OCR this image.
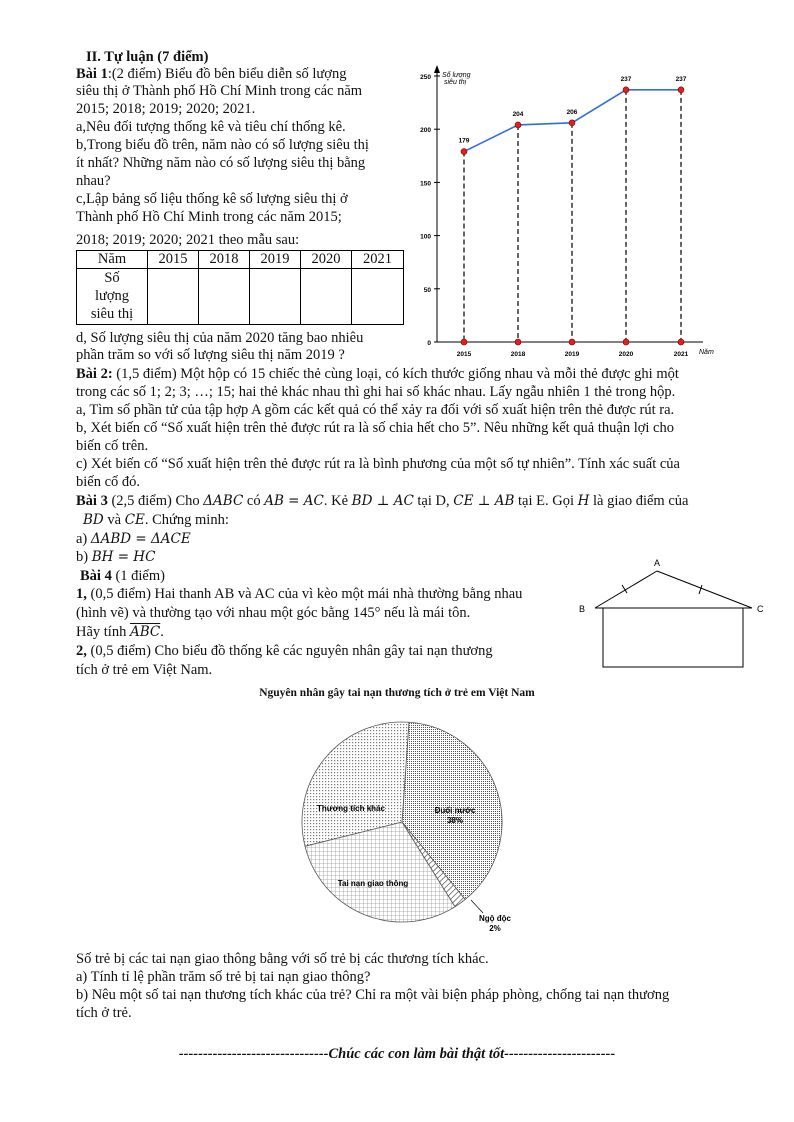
II. Tự luận (7 điểm)
Bài 1:(2 điểm) Biểu đồ bên biểu diễn số lượng
siêu thị ở Thành phố Hồ Chí Minh trong các năm
2015; 2018; 2019; 2020; 2021.
a,Nêu đối tượng thống kê và tiêu chí thống kê.
b,Trong biểu đồ trên, năm nào có số lượng siêu thị
ít nhất? Những năm nào có số lượng siêu thị bằng
nhau?
c,Lập bảng số liệu thống kê số lượng siêu thị ở
Thành phố Hồ Chí Minh trong các năm 2015;
2018; 2019; 2020; 2021 theo mẫu sau:
Năm	2015	2018	2019	2020	2021

Số
lượng
siêu thị					

d, Số lượng siêu thị của năm 2020 tăng bao nhiêu
phần trăm so với số lượng siêu thị năm 2019 ?
0
50
100
150
200
250 Số lượng
siêu thị
Năm
179
2015
204
2018
206
2019
237
2020
237
2021
Bài 2: (1,5 điểm) Một hộp có 15 chiếc thẻ cùng loại, có kích thước giống nhau và mỗi thẻ được ghi một
trong các số 1; 2; 3; …; 15; hai thẻ khác nhau thì ghi hai số khác nhau. Lấy ngẫu nhiên 1 thẻ trong hộp.
a, Tìm số phần tử của tập hợp A gồm các kết quả có thể xảy ra đối với số xuất hiện trên thẻ được rút ra.
b, Xét biến cố “Số xuất hiện trên thẻ được rút ra là số chia hết cho 5”. Nêu những kết quả thuận lợi cho
biến cố trên.
c) Xét biến cố “Số xuất hiện trên thẻ được rút ra là bình phương của một số tự nhiên”. Tính xác suất của
biến cố đó.
Bài 3 (2,5 điểm) Cho ΔABC có AB = AC. Kẻ BD ⊥ AC tại D, CE ⊥ AB tại E. Gọi H là giao điểm của
BD và CE. Chứng minh:
a) ΔABD = ΔACE
b) BH = HC
Bài 4 (1 điểm)
1, (0,5 điểm) Hai thanh AB và AC của vì kèo một mái nhà thường bằng nhau
(hình vẽ) và thường tạo với nhau một góc bằng 145° nếu là mái tôn.
Hãy tính $\overline{ABC}$.
2, (0,5 điểm) Cho biểu đồ thống kê các nguyên nhân gây tai nạn thương
tích ở trẻ em Việt Nam.
A
B	C
Nguyên nhân gây tai nạn thương tích ở trẻ em Việt Nam
Đuối nước
38%
Ngộ độc
2%
Tai nạn giao thông
Thương tích khác
Số trẻ bị các tai nạn giao thông bằng với số trẻ bị các thương tích khác.
a) Tính tỉ lệ phần trăm số trẻ bị tai nạn giao thông?
b) Nêu một số tai nạn thương tích khác của trẻ? Chỉ ra một vài biện pháp phòng, chống tai nạn thương
tích ở trẻ.
-------------------------------Chúc các con làm bài thật tốt-----------------------
